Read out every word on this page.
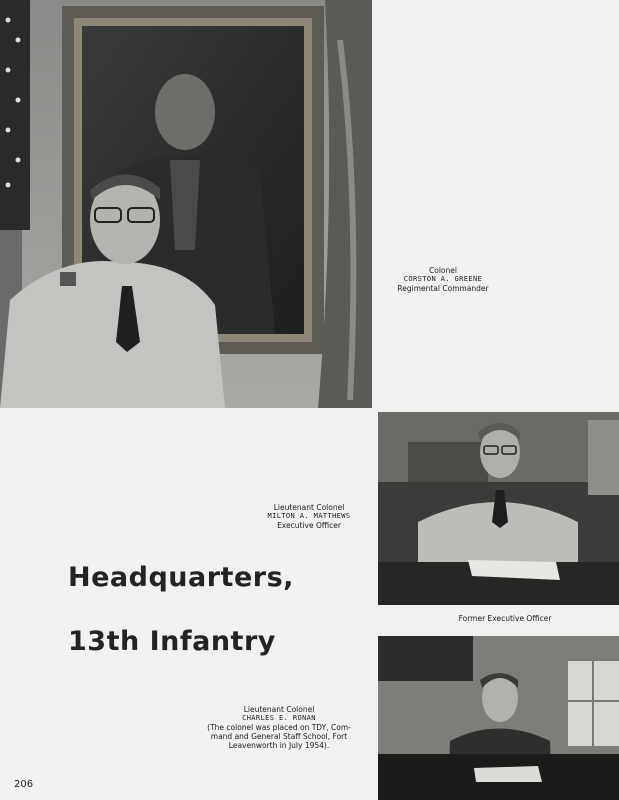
Colonel
CORSTON A. GREENE
Regimental Commander
Lieutenant Colonel
MILTON A. MATTHEWS
Executive Officer
Headquarters,
13th Infantry
Former Executive Officer
Lieutenant Colonel
CHARLES E. RONAN
(The colonel was placed on TDY, Com-
mand and General Staff School, Fort
Leavenworth in July 1954).
206
